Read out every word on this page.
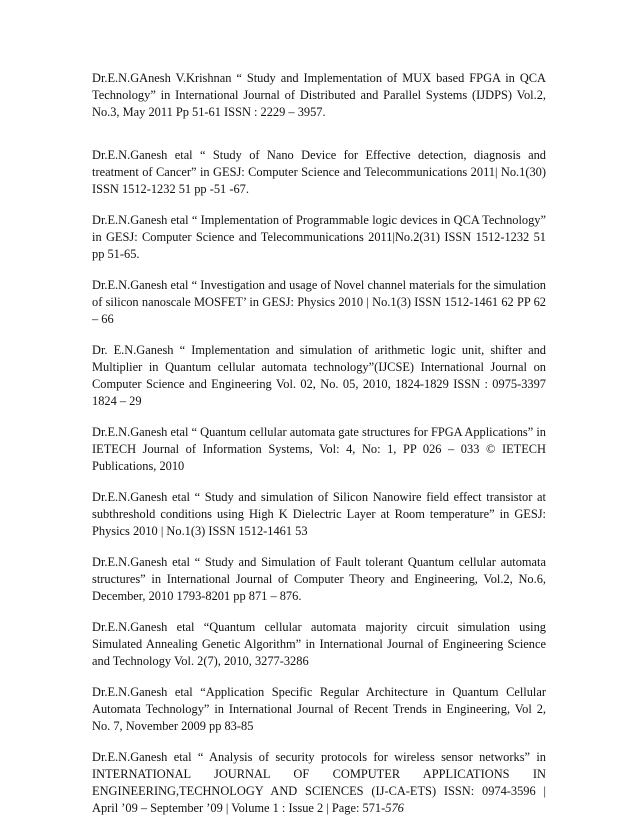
Dr.E.N.GAnesh V.Krishnan “ Study and Implementation of MUX based FPGA in QCA Technology” in International Journal of Distributed and Parallel Systems (IJDPS) Vol.2, No.3, May 2011 Pp 51-61 ISSN : 2229 – 3957.

Dr.E.N.Ganesh etal “ Study of Nano Device for Effective detection, diagnosis and treatment of Cancer” in GESJ: Computer Science and Telecommunications 2011| No.1(30) ISSN 1512-1232 51 pp -51 -67.

Dr.E.N.Ganesh etal “ Implementation of Programmable logic devices in QCA Technology” in GESJ: Computer Science and Telecommunications 2011|No.2(31) ISSN 1512-1232 51 pp 51-65.

Dr.E.N.Ganesh etal “ Investigation and usage of Novel channel materials for the simulation of silicon nanoscale MOSFET’ in GESJ: Physics 2010 | No.1(3) ISSN 1512-1461 62 PP 62 – 66

Dr. E.N.Ganesh “ Implementation and simulation of arithmetic logic unit, shifter and Multiplier in Quantum cellular automata technology”(IJCSE) International Journal on Computer Science and Engineering Vol. 02, No. 05, 2010, 1824-1829 ISSN : 0975-3397 1824 – 29

Dr.E.N.Ganesh etal “ Quantum cellular automata gate structures for FPGA Applications” in IETECH Journal of Information Systems, Vol: 4, No: 1, PP 026 – 033 © IETECH Publications, 2010

Dr.E.N.Ganesh etal “ Study and simulation of Silicon Nanowire field effect transistor at subthreshold conditions using High K Dielectric Layer at Room temperature” in GESJ: Physics 2010 | No.1(3) ISSN 1512-1461 53

Dr.E.N.Ganesh etal “ Study and Simulation of Fault tolerant Quantum cellular automata structures” in International Journal of Computer Theory and Engineering, Vol.2, No.6, December, 2010 1793-8201 pp 871 – 876.

Dr.E.N.Ganesh etal “Quantum cellular automata majority circuit simulation using Simulated Annealing Genetic Algorithm” in International Journal of Engineering Science and Technology Vol. 2(7), 2010, 3277-3286

Dr.E.N.Ganesh etal “Application Specific Regular Architecture in Quantum Cellular Automata Technology” in International Journal of Recent Trends in Engineering, Vol 2, No. 7, November 2009 pp 83-85

Dr.E.N.Ganesh etal “ Analysis of security protocols for wireless sensor networks” in INTERNATIONAL JOURNAL OF COMPUTER APPLICATIONS IN ENGINEERING,TECHNOLOGY AND SCIENCES (IJ-CA-ETS) ISSN: 0974-3596 | April ’09 – September ’09 | Volume 1 : Issue 2 | Page: 571-576
